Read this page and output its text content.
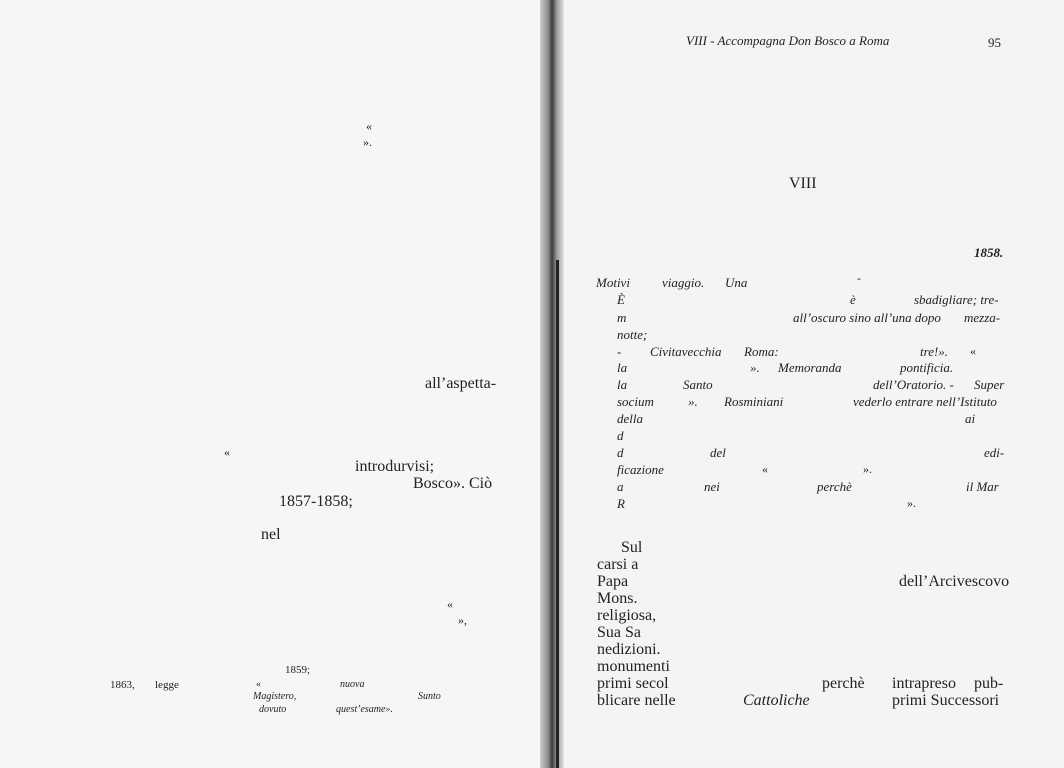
VIII - Accompagna Don Bosco a Roma	95
VIII
1858.
«
».
all’aspetta-
«
introdurvisi;
Bosco». Ciò
1857-1858;
nel
«
»,
1859;
1863, legge	«	nuova
Magistero,	Sunto
dovuto	quest’esame».
Motivi viaggio. Una	-
È	è	sbadigliare; tre-
m	all’oscuro sino all’una dopo mezza-
notte;
- Civitavecchia Roma:	tre!». «
la	». Memoranda	pontificia.
la	Santo	dell’Oratorio. - Super
socium	». Rosminiani	vederlo entrare nell’Istituto
della	ai
d
d	del	edi-
ficazione	«	».
a	nei	perchè	il Mar
R	».
Sul
carsi a
Papa	dell’Arcivescovo
Mons.
religiosa,
Sua Sa
nedizioni.
monumenti
primi secol	perchè intrapreso pub-
blicare nelle	Cattoliche	primi Successori
